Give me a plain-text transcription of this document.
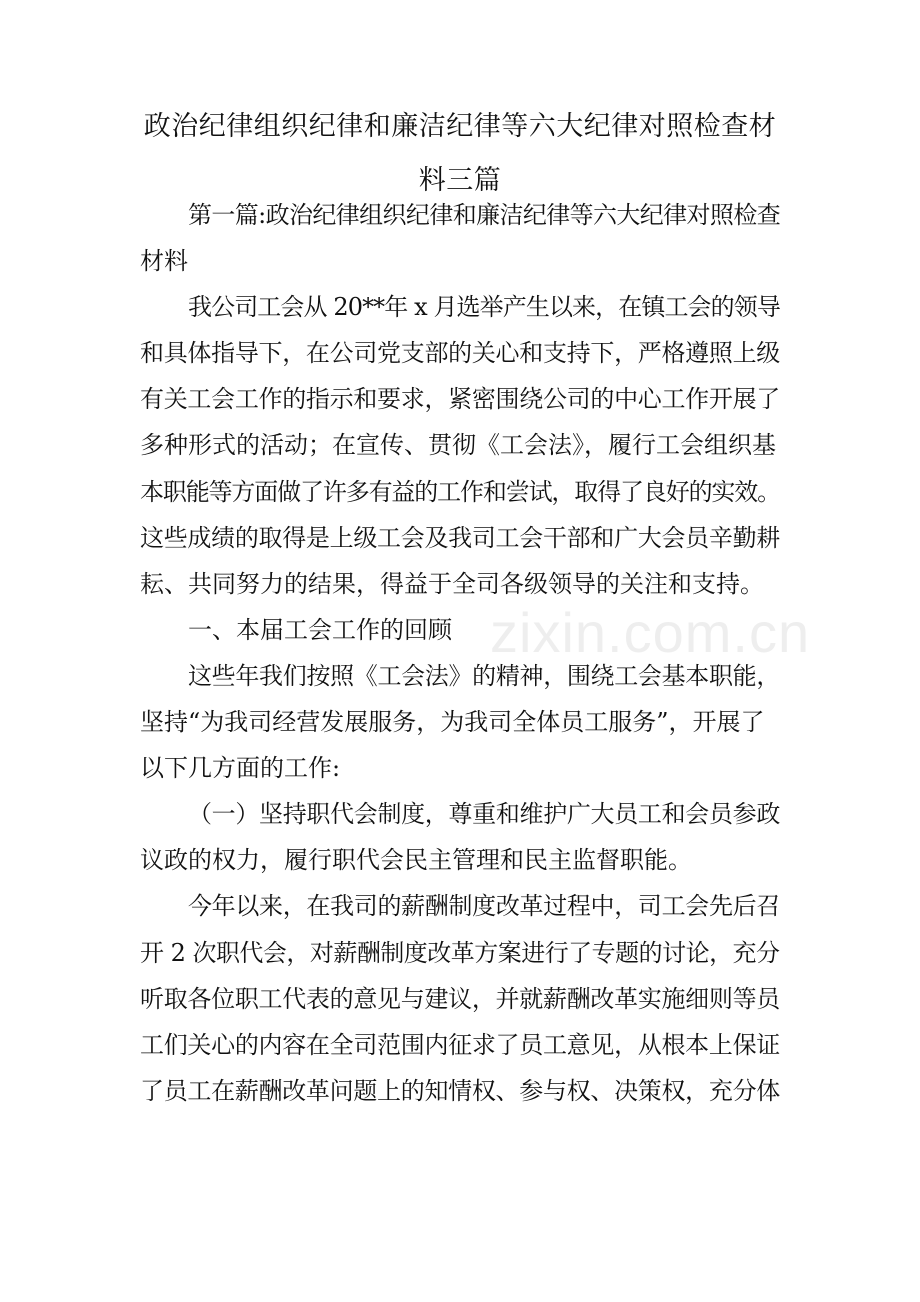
政治纪律组织纪律和廉洁纪律等六大纪律对照检查材
料三篇
第一篇:政治纪律组织纪律和廉洁纪律等六大纪律对照检查
材料
我公司工会从 20**年 x 月选举产生以来，在镇工会的领导
和具体指导下，在公司党支部的关心和支持下，严格遵照上级
有关工会工作的指示和要求，紧密围绕公司的中心工作开展了
多种形式的活动；在宣传、贯彻《工会法》，履行工会组织基
本职能等方面做了许多有益的工作和尝试，取得了良好的实效。
这些成绩的取得是上级工会及我司工会干部和广大会员辛勤耕
耘、共同努力的结果，得益于全司各级领导的关注和支持。
一、本届工会工作的回顾
这些年我们按照《工会法》的精神，围绕工会基本职能，
坚持“为我司经营发展服务，为我司全体员工服务”，开展了
以下几方面的工作:
（一）坚持职代会制度，尊重和维护广大员工和会员参政
议政的权力，履行职代会民主管理和民主监督职能。
今年以来，在我司的薪酬制度改革过程中，司工会先后召
开 2 次职代会，对薪酬制度改革方案进行了专题的讨论，充分
听取各位职工代表的意见与建议，并就薪酬改革实施细则等员
工们关心的内容在全司范围内征求了员工意见，从根本上保证
了员工在薪酬改革问题上的知情权、参与权、决策权，充分体
zixin.com.cn
